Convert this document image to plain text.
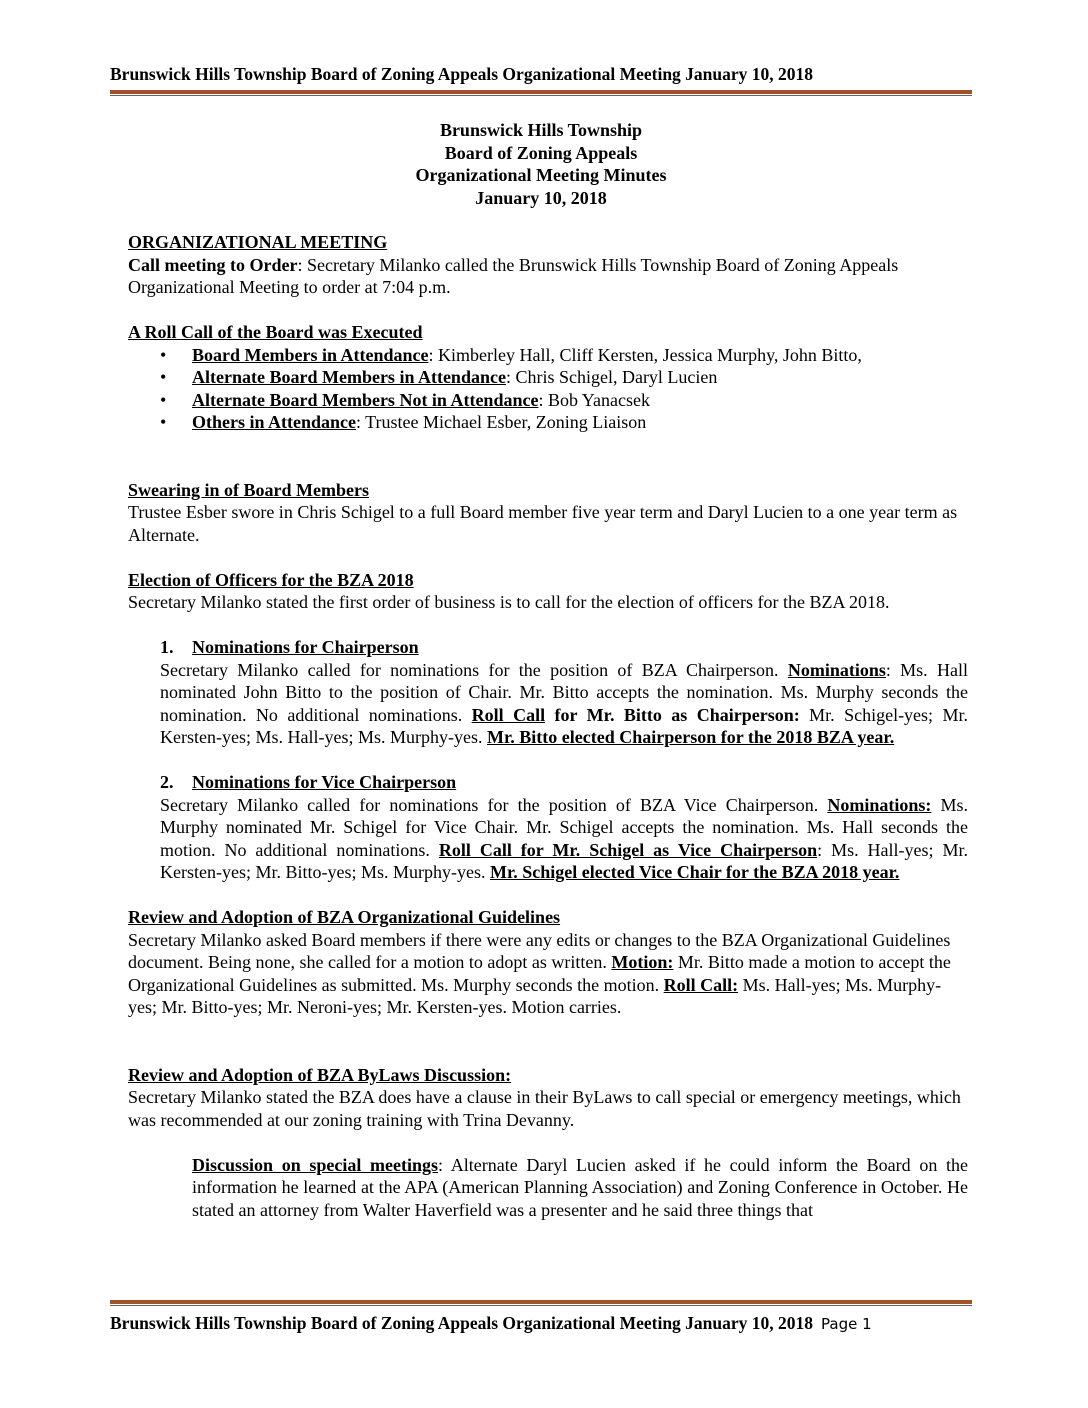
Brunswick Hills Township Board of Zoning Appeals Organizational Meeting January 10, 2018
Brunswick Hills Township
Board of Zoning Appeals
Organizational Meeting Minutes
January 10, 2018

ORGANIZATIONAL MEETING

Call meeting to Order: Secretary Milanko called the Brunswick Hills Township Board of Zoning Appeals Organizational Meeting to order at 7:04 p.m.

A Roll Call of the Board was Executed

• Board Members in Attendance: Kimberley Hall, Cliff Kersten, Jessica Murphy, John Bitto,
• Alternate Board Members in Attendance: Chris Schigel, Daryl Lucien
• Alternate Board Members Not in Attendance: Bob Yanacsek
• Others in Attendance: Trustee Michael Esber, Zoning Liaison

Swearing in of Board Members

Trustee Esber swore in Chris Schigel to a full Board member five year term and Daryl Lucien to a one year term as Alternate.

Election of Officers for the BZA 2018

Secretary Milanko stated the first order of business is to call for the election of officers for the BZA 2018.

1. Nominations for Chairperson

Secretary Milanko called for nominations for the position of BZA Chairperson. Nominations: Ms. Hall nominated John Bitto to the position of Chair. Mr. Bitto accepts the nomination. Ms. Murphy seconds the nomination. No additional nominations. Roll Call for Mr. Bitto as Chairperson: Mr. Schigel-yes; Mr. Kersten-yes; Ms. Hall-yes; Ms. Murphy-yes. Mr. Bitto elected Chairperson for the 2018 BZA year.

2. Nominations for Vice Chairperson

Secretary Milanko called for nominations for the position of BZA Vice Chairperson. Nominations: Ms. Murphy nominated Mr. Schigel for Vice Chair. Mr. Schigel accepts the nomination. Ms. Hall seconds the motion. No additional nominations. Roll Call for Mr. Schigel as Vice Chairperson: Ms. Hall-yes; Mr. Kersten-yes; Mr. Bitto-yes; Ms. Murphy-yes. Mr. Schigel elected Vice Chair for the BZA 2018 year.

Review and Adoption of BZA Organizational Guidelines

Secretary Milanko asked Board members if there were any edits or changes to the BZA Organizational Guidelines document. Being none, she called for a motion to adopt as written. Motion: Mr. Bitto made a motion to accept the Organizational Guidelines as submitted. Ms. Murphy seconds the motion. Roll Call: Ms. Hall-yes; Ms. Murphy-yes; Mr. Bitto-yes; Mr. Neroni-yes; Mr. Kersten-yes. Motion carries.

Review and Adoption of BZA ByLaws Discussion:

Secretary Milanko stated the BZA does have a clause in their ByLaws to call special or emergency meetings, which was recommended at our zoning training with Trina Devanny.

Discussion on special meetings: Alternate Daryl Lucien asked if he could inform the Board on the information he learned at the APA (American Planning Association) and Zoning Conference in October. He stated an attorney from Walter Haverfield was a presenter and he said three things that

Brunswick Hills Township Board of Zoning Appeals Organizational Meeting January 10, 2018 Page 1
